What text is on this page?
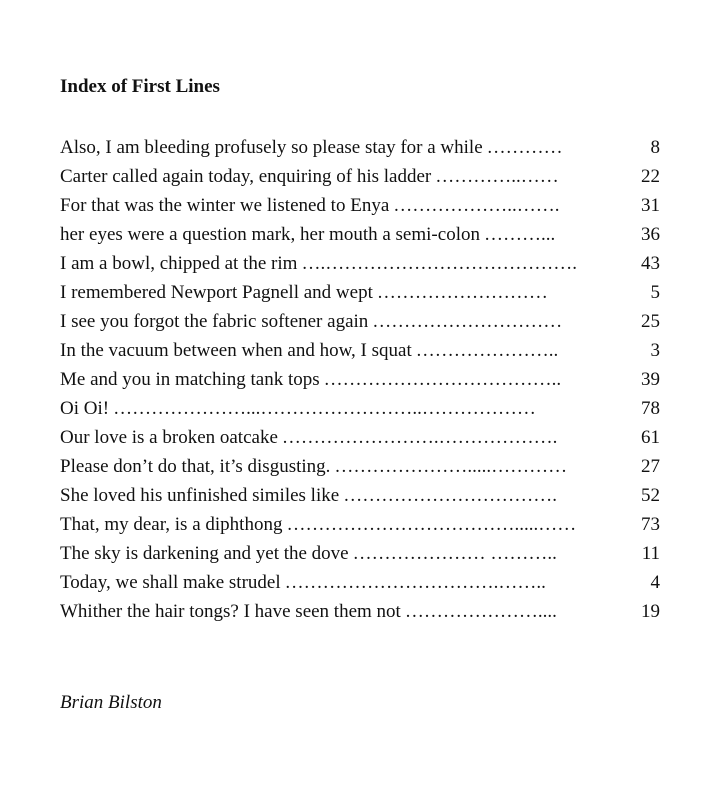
Index of First Lines
Also, I am bleeding profusely so please stay for a while …………	8
Carter called again today, enquiring of his ladder …………..……	22
For that was the winter we listened to Enya ………………..…….	31
her eyes were a question mark, her mouth a semi-colon ………...	36
I am a bowl, chipped at the rim ….………………………………….	43
I remembered Newport Pagnell and wept ………………………	5
I see you forgot the fabric softener again …………………………	25
In the vacuum between when and how, I squat …………………..	3
Me and you in matching tank tops ………………………………..	39
Oi Oi! …………………...……………………..………………	78
Our love is a broken oatcake …………………….……………….	61
Please don’t do that, it’s disgusting. ………………….....…………	27
She loved his unfinished similes like …………………………….	52
That, my dear, is a diphthong ……………………………….....……	73
The sky is darkening and yet the dove ………………… ………..	11
Today, we shall make strudel …………………………….……..	4
Whither the hair tongs? I have seen them not …………………....	19
Brian Bilston
